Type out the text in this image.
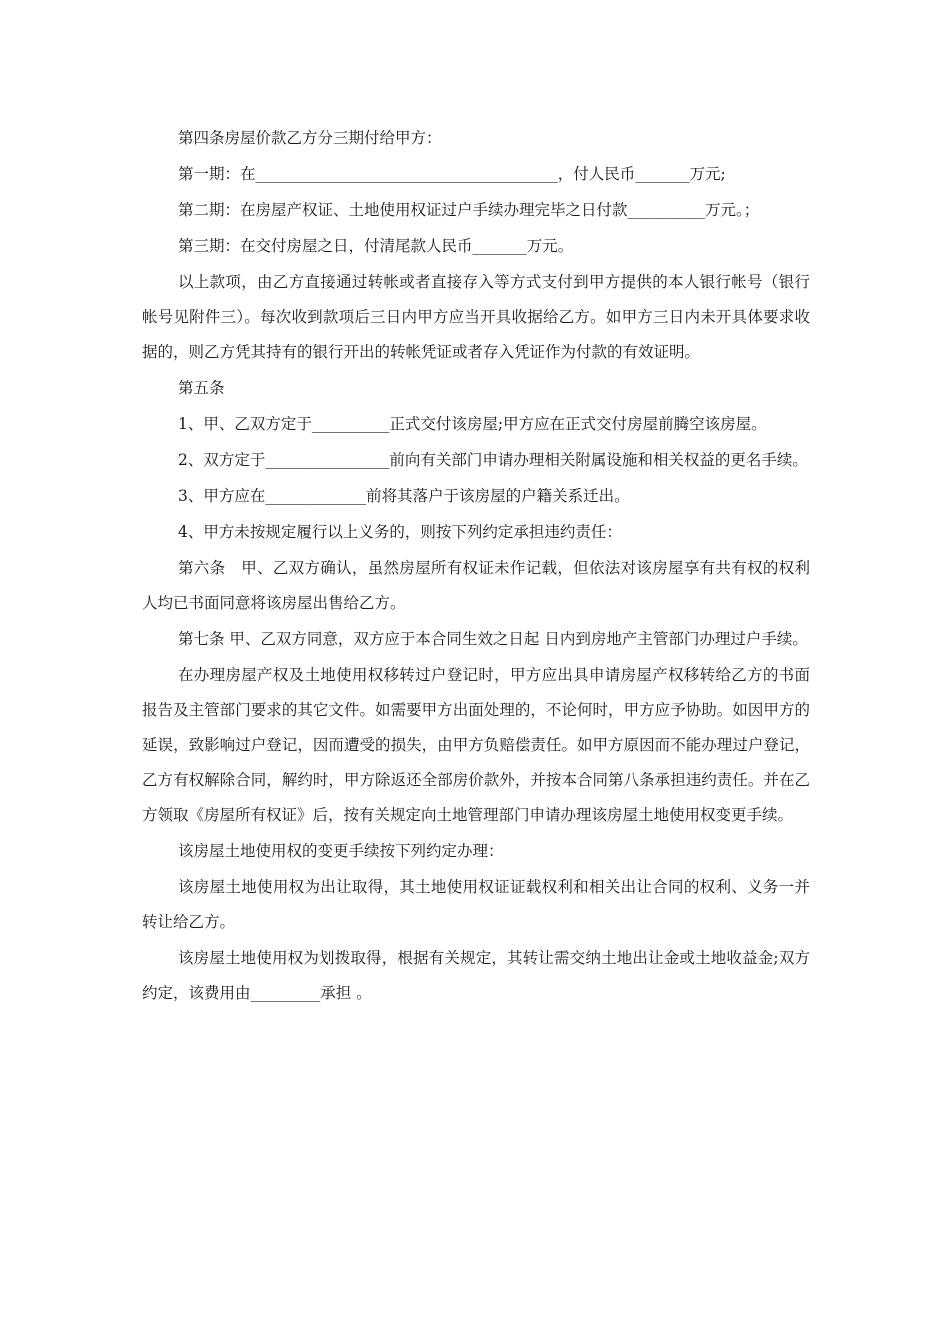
第四条房屋价款乙方分三期付给甲方：

第一期：在_______________________________________，付人民币_______万元;

第二期：在房屋产权证、土地使用权证过户手续办理完毕之日付款__________万元。；

第三期：在交付房屋之日，付清尾款人民币_______万元。

以上款项，由乙方直接通过转帐或者直接存入等方式支付到甲方提供的本人银行帐号（银行帐号见附件三）。每次收到款项后三日内甲方应当开具收据给乙方。如甲方三日内未开具体要求收据的，则乙方凭其持有的银行开出的转帐凭证或者存入凭证作为付款的有效证明。

第五条

1、甲、乙双方定于__________正式交付该房屋;甲方应在正式交付房屋前腾空该房屋。

2、双方定于________________前向有关部门申请办理相关附属设施和相关权益的更名手续。

3、甲方应在_____________前将其落户于该房屋的户籍关系迁出。

4、甲方未按规定履行以上义务的，则按下列约定承担违约责任：

第六条　甲、乙双方确认，虽然房屋所有权证未作记载，但依法对该房屋享有共有权的权利人均已书面同意将该房屋出售给乙方。

第七条 甲、乙双方同意，双方应于本合同生效之日起 日内到房地产主管部门办理过户手续。

在办理房屋产权及土地使用权移转过户登记时，甲方应出具申请房屋产权移转给乙方的书面报告及主管部门要求的其它文件。如需要甲方出面处理的，不论何时，甲方应予协助。如因甲方的延误，致影响过户登记，因而遭受的损失，由甲方负赔偿责任。如甲方原因而不能办理过户登记，乙方有权解除合同，解约时，甲方除返还全部房价款外，并按本合同第八条承担违约责任。并在乙方领取《房屋所有权证》后，按有关规定向土地管理部门申请办理该房屋土地使用权变更手续。

该房屋土地使用权的变更手续按下列约定办理：

该房屋土地使用权为出让取得，其土地使用权证证载权利和相关出让合同的权利、义务一并转让给乙方。

该房屋土地使用权为划拨取得，根据有关规定，其转让需交纳土地出让金或土地收益金;双方约定，该费用由_________承担 。
